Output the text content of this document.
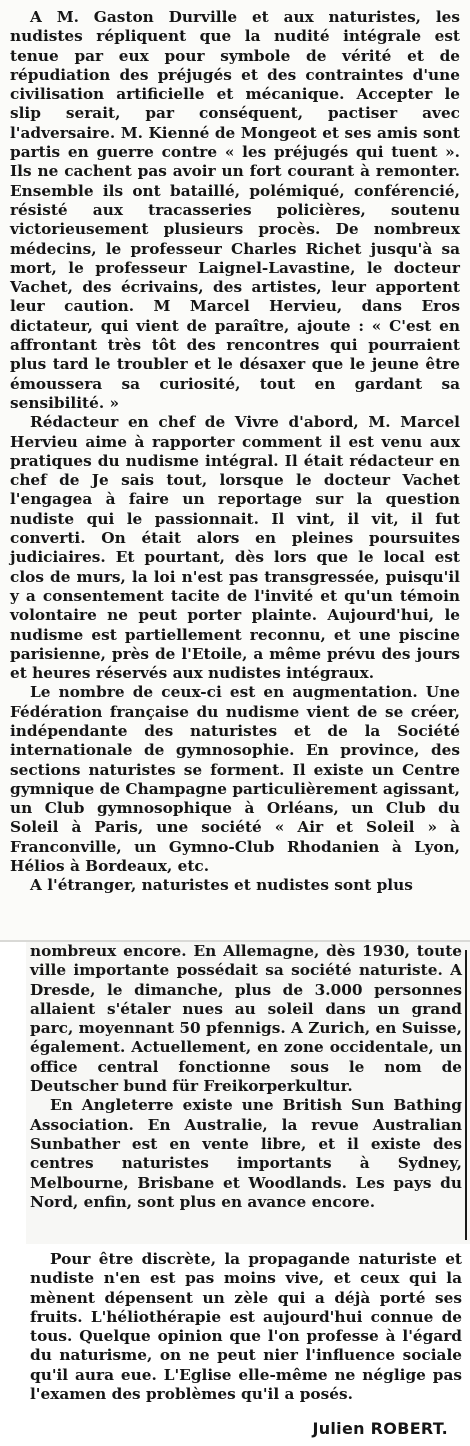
A M. Gaston Durville et aux naturistes, les nudistes répliquent que la nudité intégrale est tenue par eux pour symbole de vérité et de répudiation des préjugés et des contraintes d'une civilisation artificielle et mécanique. Accepter le slip serait, par conséquent, pactiser avec l'adversaire. M. Kienné de Mongeot et ses amis sont partis en guerre contre « les préjugés qui tuent ». Ils ne cachent pas avoir un fort courant à remonter. Ensemble ils ont bataillé, polémiqué, conférencié, résisté aux tracasseries policières, soutenu victorieusement plusieurs procès. De nombreux médecins, le professeur Charles Richet jusqu'à sa mort, le professeur Laignel-Lavastine, le docteur Vachet, des écrivains, des artistes, leur apportent leur caution. M Marcel Hervieu, dans Eros dictateur, qui vient de paraître, ajoute : « C'est en affrontant très tôt des rencontres qui pourraient plus tard le troubler et le désaxer que le jeune être émoussera sa curiosité, tout en gardant sa sensibilité. »

Rédacteur en chef de Vivre d'abord, M. Marcel Hervieu aime à rapporter comment il est venu aux pratiques du nudisme intégral. Il était rédacteur en chef de Je sais tout, lorsque le docteur Vachet l'engagea à faire un reportage sur la question nudiste qui le passionnait. Il vint, il vit, il fut converti. On était alors en pleines poursuites judiciaires. Et pourtant, dès lors que le local est clos de murs, la loi n'est pas transgressée, puisqu'il y a consentement tacite de l'invité et qu'un témoin volontaire ne peut porter plainte. Aujourd'hui, le nudisme est partiellement reconnu, et une piscine parisienne, près de l'Etoile, a même prévu des jours et heures réservés aux nudistes intégraux.

Le nombre de ceux-ci est en augmentation. Une Fédération française du nudisme vient de se créer, indépendante des naturistes et de la Société internationale de gymnosophie. En province, des sections naturistes se forment. Il existe un Centre gymnique de Champagne particulièrement agissant, un Club gymnosophique à Orléans, un Club du Soleil à Paris, une société « Air et Soleil » à Franconville, un Gymno-Club Rhodanien à Lyon, Hélios à Bordeaux, etc.

A l'étranger, naturistes et nudistes sont plus

nombreux encore. En Allemagne, dès 1930, toute ville importante possédait sa société naturiste. A Dresde, le dimanche, plus de 3.000 personnes allaient s'étaler nues au soleil dans un grand parc, moyennant 50 pfennigs. A Zurich, en Suisse, également. Actuellement, en zone occidentale, un office central fonctionne sous le nom de Deutscher bund für Freikorperkultur.

En Angleterre existe une British Sun Bathing Association. En Australie, la revue Australian Sunbather est en vente libre, et il existe des centres naturistes importants à Sydney, Melbourne, Brisbane et Woodlands. Les pays du Nord, enfin, sont plus en avance encore.

Pour être discrète, la propagande naturiste et nudiste n'en est pas moins vive, et ceux qui la mènent dépensent un zèle qui a déjà porté ses fruits. L'héliothérapie est aujourd'hui connue de tous. Quelque opinion que l'on professe à l'égard du naturisme, on ne peut nier l'influence sociale qu'il aura eue. L'Eglise elle-même ne néglige pas l'examen des problèmes qu'il a posés.

Julien ROBERT.
